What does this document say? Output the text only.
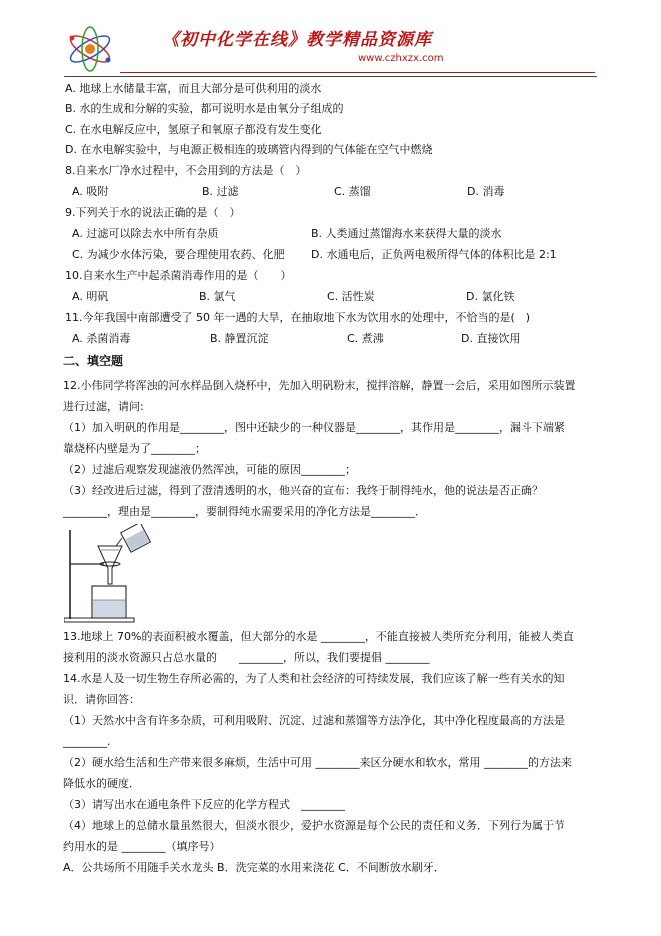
《初中化学在线》教学精品资源库
www.czhxzx.com
A. 地球上水储量丰富，而且大部分是可供利用的淡水
B. 水的生成和分解的实验，都可说明水是由氧分子组成的
C. 在水电解反应中，氢原子和氧原子都没有发生变化
D. 在水电解实验中，与电源正极相连的玻璃管内得到的气体能在空气中燃烧
8.自来水厂净水过程中，不会用到的方法是（　）
A. 吸附	B. 过滤	C. 蒸馏	D. 消毒
9.下列关于水的说法正确的是（　）
A. 过滤可以除去水中所有杂质	B. 人类通过蒸馏海水来获得大量的淡水
C. 为减少水体污染，要合理使用农药、化肥 D. 水通电后，正负两电极所得气体的体积比是 2:1
10.自来水生产中起杀菌消毒作用的是（　　）
A. 明矾	B. 氯气	C. 活性炭	D. 氯化铁
11.今年我国中南部遭受了 50 年一遇的大旱，在抽取地下水为饮用水的处理中，不恰当的是(　)
A. 杀菌消毒	B. 静置沉淀	C. 煮沸	D. 直接饮用
二、填空题
12.小伟同学将浑浊的河水样品倒入烧杯中，先加入明矾粉末，搅拌溶解，静置一会后，采用如图所示装置
进行过滤，请问:
（1）加入明矾的作用是________，图中还缺少的一种仪器是________，其作用是________，漏斗下端紧
靠烧杯内壁是为了________；
（2）过滤后观察发现滤液仍然浑浊，可能的原因________；
（3）经改进后过滤，得到了澄清透明的水，他兴奋的宣布：我终于制得纯水，他的说法是否正确？
________，理由是________，要制得纯水需要采用的净化方法是________．
13.地球上 70%的表面积被水覆盖，但大部分的水是 ________，不能直接被人类所充分利用，能被人类直
接利用的淡水资源只占总水量的　　________，所以，我们要提倡 ________
14.水是人及一切生物生存所必需的，为了人类和社会经济的可持续发展，我们应该了解一些有关水的知
识．请你回答：
（1）天然水中含有许多杂质，可利用吸附、沉淀、过滤和蒸馏等方法净化，其中净化程度最高的方法是
________.
（2）硬水给生活和生产带来很多麻烦，生活中可用 ________来区分硬水和软水，常用 ________的方法来
降低水的硬度．
（3）请写出水在通电条件下反应的化学方程式　________
（4）地球上的总储水量虽然很大，但淡水很少，爱护水资源是每个公民的责任和义务．下列行为属于节
约用水的是 ________（填序号）
A．公共场所不用随手关水龙头 B．洗完菜的水用来浇花 C．不间断放水刷牙．
